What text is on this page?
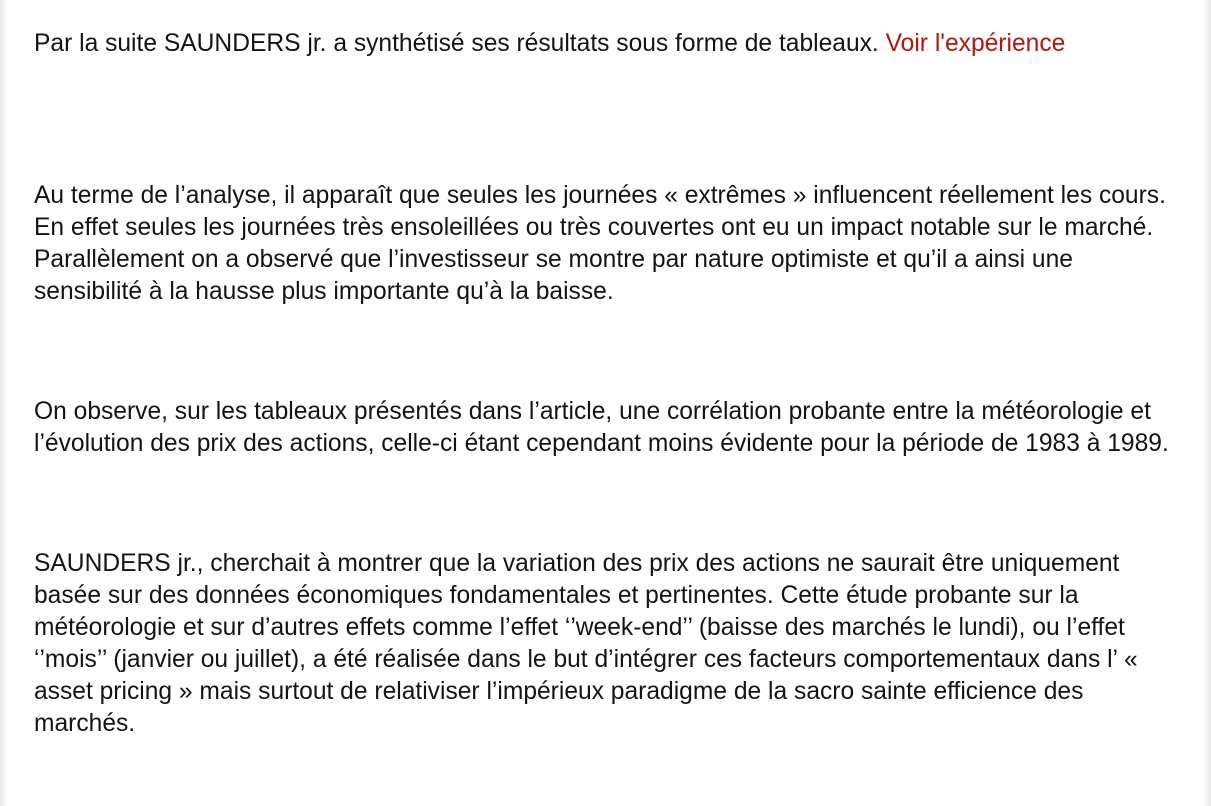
Par la suite SAUNDERS jr. a synthétisé ses résultats sous forme de tableaux. Voir l'expérience

Au terme de l’analyse, il apparaît que seules les journées « extrêmes » influencent réellement les cours. En effet seules les journées très ensoleillées ou très couvertes ont eu un impact notable sur le marché. Parallèlement on a observé que l’investisseur se montre par nature optimiste et qu’il a ainsi une sensibilité à la hausse plus importante qu’à la baisse.

On observe, sur les tableaux présentés dans l’article, une corrélation probante entre la météorologie et l’évolution des prix des actions, celle-ci étant cependant moins évidente pour la période de 1983 à 1989.

SAUNDERS jr., cherchait à montrer que la variation des prix des actions ne saurait être uniquement basée sur des données économiques fondamentales et pertinentes. Cette étude probante sur la météorologie et sur d’autres effets comme l’effet ‘’week-end’’ (baisse des marchés le lundi), ou l’effet ‘’mois’’ (janvier ou juillet), a été réalisée dans le but d’intégrer ces facteurs comportementaux dans l’ « asset pricing » mais surtout de relativiser l’impérieux paradigme de la sacro sainte efficience des marchés.
